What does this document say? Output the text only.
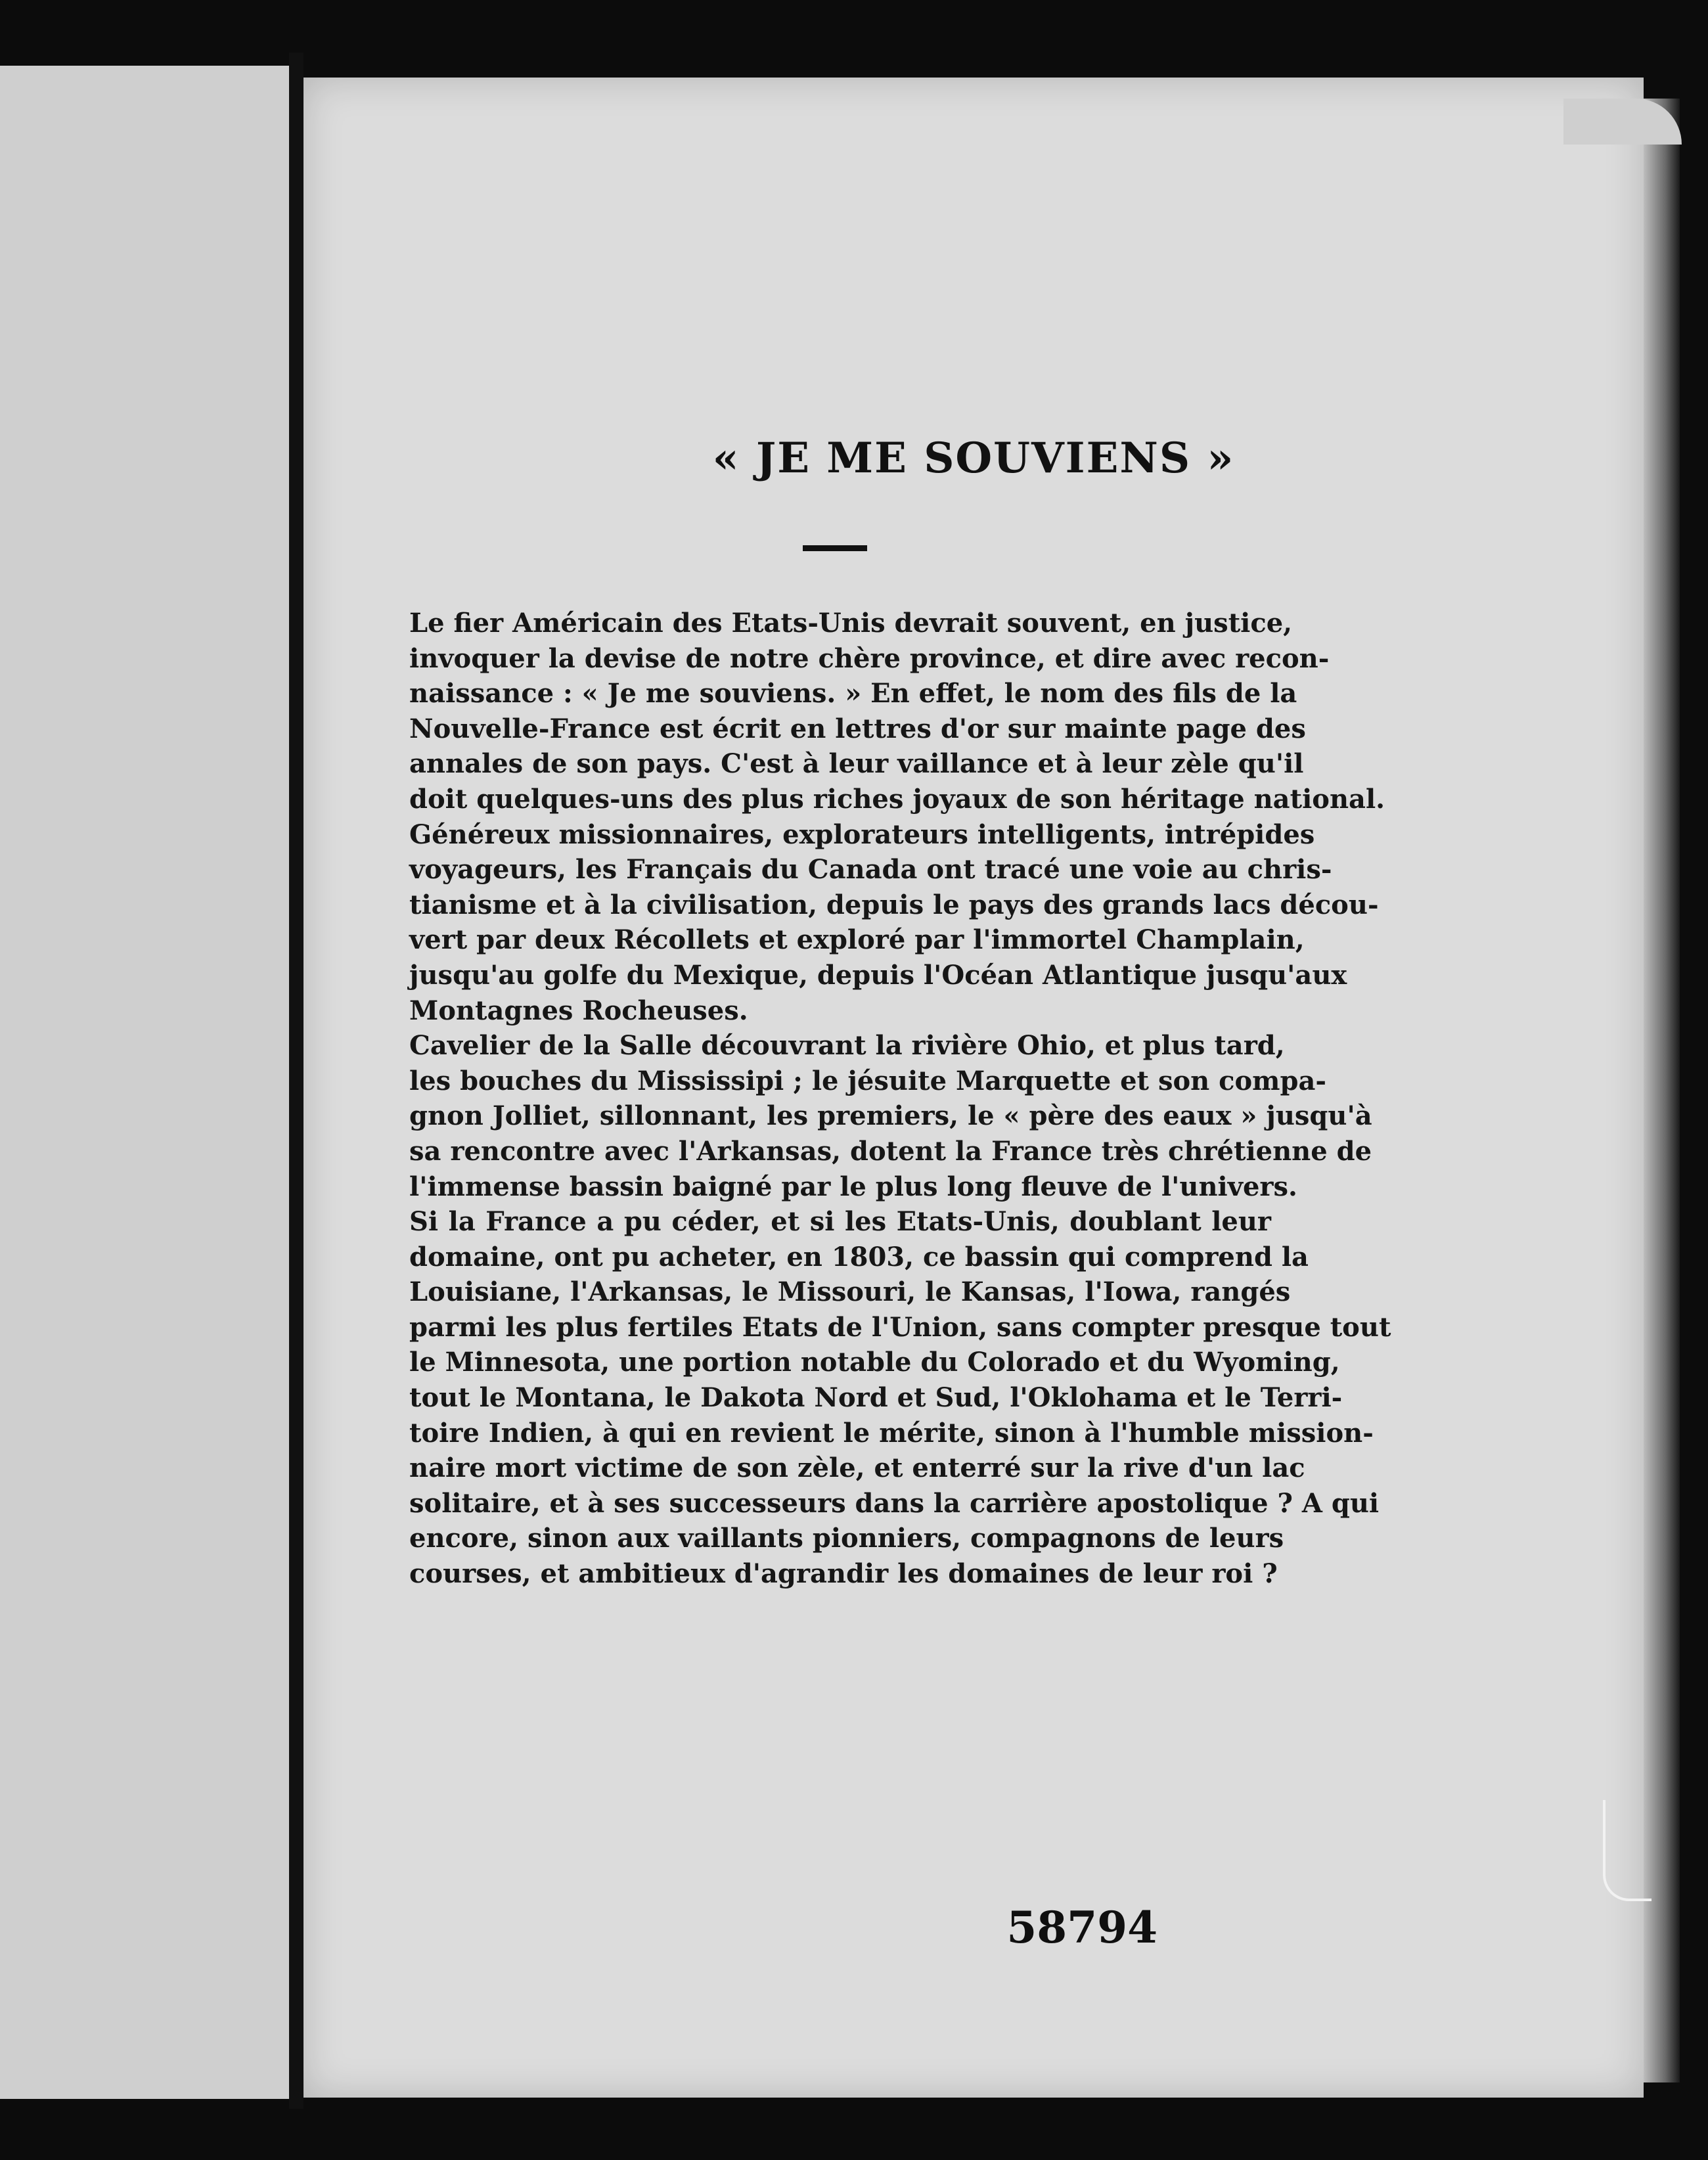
« JE ME SOUVIENS »

Le fier Américain des Etats-Unis devrait souvent, en justice,
invoquer la devise de notre chère province, et dire avec recon-
naissance : « Je me souviens. » En effet, le nom des fils de la
Nouvelle-France est écrit en lettres d'or sur mainte page des
annales de son pays. C'est à leur vaillance et à leur zèle qu'il
doit quelques-uns des plus riches joyaux de son héritage national.

Généreux missionnaires, explorateurs intelligents, intrépides
voyageurs, les Français du Canada ont tracé une voie au chris-
tianisme et à la civilisation, depuis le pays des grands lacs décou-
vert par deux Récollets et exploré par l'immortel Champlain,
jusqu'au golfe du Mexique, depuis l'Océan Atlantique jusqu'aux
Montagnes Rocheuses.

Cavelier de la Salle découvrant la rivière Ohio, et plus tard,
les bouches du Mississipi ; le jésuite Marquette et son compa-
gnon Jolliet, sillonnant, les premiers, le « père des eaux » jusqu'à
sa rencontre avec l'Arkansas, dotent la France très chrétienne de
l'immense bassin baigné par le plus long fleuve de l'univers.

Si la France a pu céder, et si les Etats-Unis, doublant leur
domaine, ont pu acheter, en 1803, ce bassin qui comprend la
Louisiane, l'Arkansas, le Missouri, le Kansas, l'Iowa, rangés
parmi les plus fertiles Etats de l'Union, sans compter presque tout
le Minnesota, une portion notable du Colorado et du Wyoming,
tout le Montana, le Dakota Nord et Sud, l'Oklohama et le Terri-
toire Indien, à qui en revient le mérite, sinon à l'humble mission-
naire mort victime de son zèle, et enterré sur la rive d'un lac
solitaire, et à ses successeurs dans la carrière apostolique ? A qui
encore, sinon aux vaillants pionniers, compagnons de leurs
courses, et ambitieux d'agrandir les domaines de leur roi ?

58794
